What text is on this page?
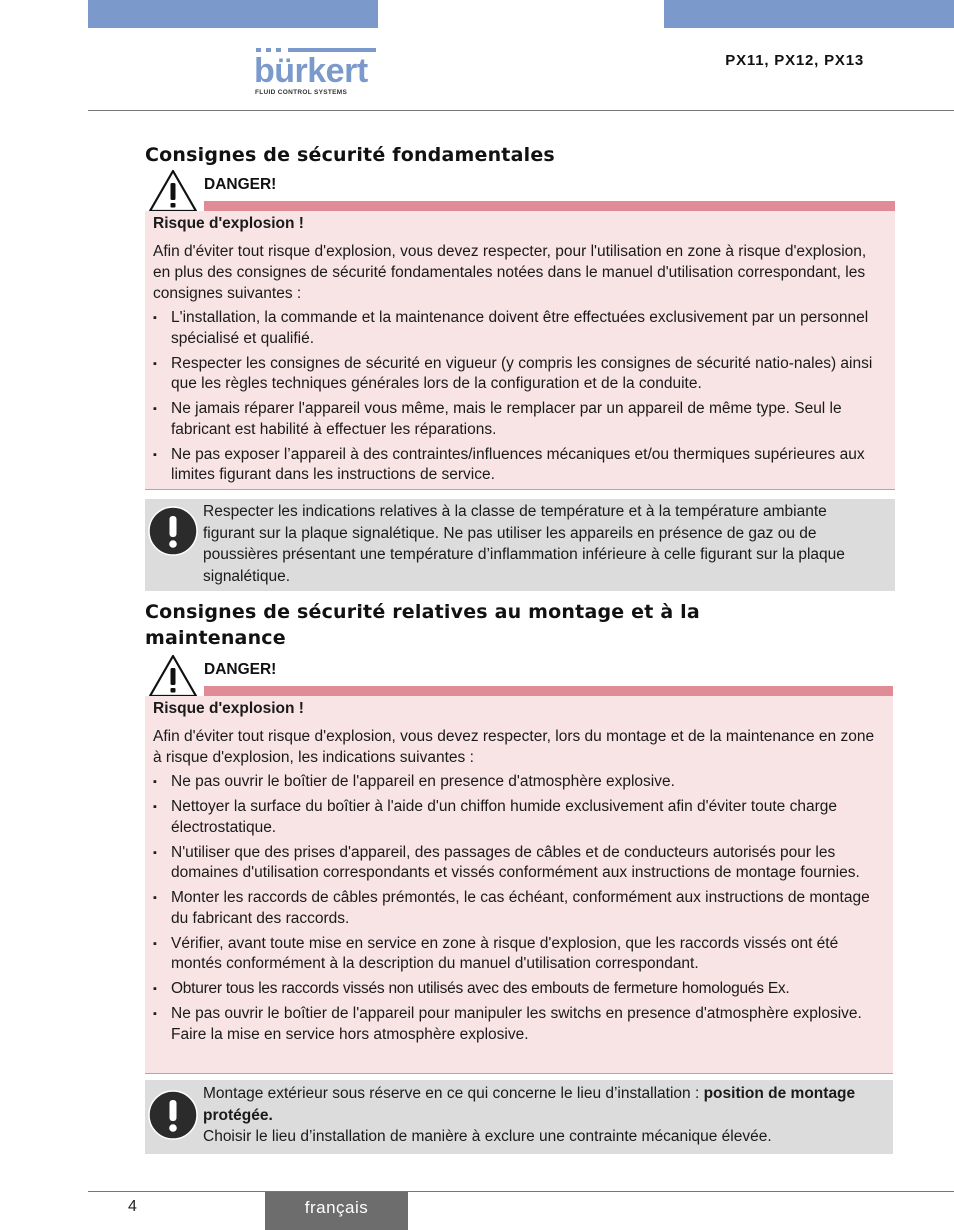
bürkert
FLUID CONTROL SYSTEMS
PX11, PX12, PX13
Consignes de sécurité fondamentales
DANGER!

Risque d'explosion !

Afin d'éviter tout risque d'explosion, vous devez respecter, pour l'utilisation en zone à risque d'explosion, en plus des consignes de sécurité fondamentales notées dans le manuel d'utilisation correspondant, les consignes suivantes :

▪ L'installation, la commande et la maintenance doivent être effectuées exclusivement par un personnel spécialisé et qualifié.
▪ Respecter les consignes de sécurité en vigueur (y compris les consignes de sécurité natio-nales) ainsi que les règles techniques générales lors de la configuration et de la conduite.
▪ Ne jamais réparer l'appareil vous même, mais le remplacer par un appareil de même type. Seul le fabricant est habilité à effectuer les réparations.
▪ Ne pas exposer l’appareil à des contraintes/influences mécaniques et/ou thermiques supérieures aux limites figurant dans les instructions de service.

Respecter les indications relatives à la classe de température et à la température ambiante figurant sur la plaque signalétique. Ne pas utiliser les appareils en présence de gaz ou de poussières présentant une température d’inflammation inférieure à celle figurant sur la plaque signalétique.

Consignes de sécurité relatives au montage et à la
maintenance
DANGER!

Risque d'explosion !

Afin d'éviter tout risque d'explosion, vous devez respecter, lors du montage et de la maintenance en zone à risque d'explosion, les indications suivantes :

▪ Ne pas ouvrir le boîtier de l'appareil en presence d'atmosphère explosive.
▪ Nettoyer la surface du boîtier à l'aide d'un chiffon humide exclusivement afin d'éviter toute charge électrostatique.
▪ N'utiliser que des prises d'appareil, des passages de câbles et de conducteurs autorisés pour les domaines d'utilisation correspondants et vissés conformément aux instructions de montage fournies.
▪ Monter les raccords de câbles prémontés, le cas échéant, conformément aux instructions de montage du fabricant des raccords.
▪ Vérifier, avant toute mise en service en zone à risque d'explosion, que les raccords vissés ont été montés conformément à la description du manuel d'utilisation correspondant.
▪ Obturer tous les raccords vissés non utilisés avec des embouts de fermeture homologués Ex.
▪ Ne pas ouvrir le boîtier de l'appareil pour manipuler les switchs en presence d'atmosphère explosive. Faire la mise en service hors atmosphère explosive.

Montage extérieur sous réserve en ce qui concerne le lieu d’installation : position de montage protégée.

Choisir le lieu d’installation de manière à exclure une contrainte mécanique élevée.

4	français
